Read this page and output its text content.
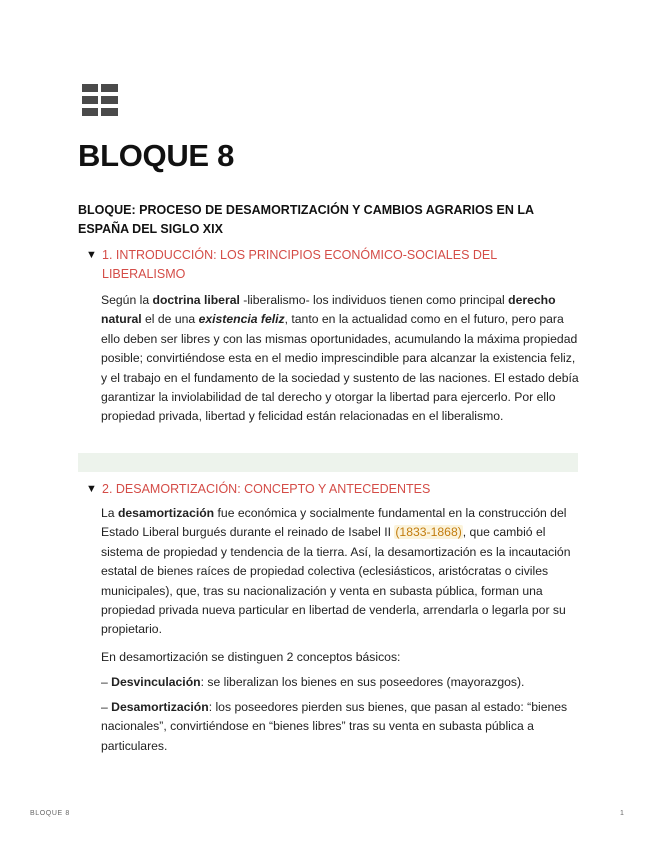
BLOQUE 8

BLOQUE: PROCESO DE DESAMORTIZACIÓN Y CAMBIOS AGRARIOS EN LA ESPAÑA DEL SIGLO XIX

▼ 1. INTRODUCCIÓN: LOS PRINCIPIOS ECONÓMICO-SOCIALES DEL LIBERALISMO

Según la doctrina liberal -liberalismo- los individuos tienen como principal derecho natural el de una existencia feliz, tanto en la actualidad como en el futuro, pero para ello deben ser libres y con las mismas oportunidades, acumulando la máxima propiedad posible; convirtiéndose esta en el medio imprescindible para alcanzar la existencia feliz, y el trabajo en el fundamento de la sociedad y sustento de las naciones. El estado debía garantizar la inviolabilidad de tal derecho y otorgar la libertad para ejercerlo. Por ello propiedad privada, libertad y felicidad están relacionadas en el liberalismo.

▼ 2. DESAMORTIZACIÓN: CONCEPTO Y ANTECEDENTES

La desamortización fue económica y socialmente fundamental en la construcción del Estado Liberal burgués durante el reinado de Isabel II (1833-1868), que cambió el sistema de propiedad y tendencia de la tierra. Así, la desamortización es la incautación estatal de bienes raíces de propiedad colectiva (eclesiásticos, aristócratas o civiles municipales), que, tras su nacionalización y venta en subasta pública, forman una propiedad privada nueva particular en libertad de venderla, arrendarla o legarla por su propietario.

En desamortización se distinguen 2 conceptos básicos:

– Desvinculación: se liberalizan los bienes en sus poseedores (mayorazgos).

– Desamortización: los poseedores pierden sus bienes, que pasan al estado: “bienes nacionales”, convirtiéndose en “bienes libres” tras su venta en subasta pública a particulares.

BLOQUE 8	1
